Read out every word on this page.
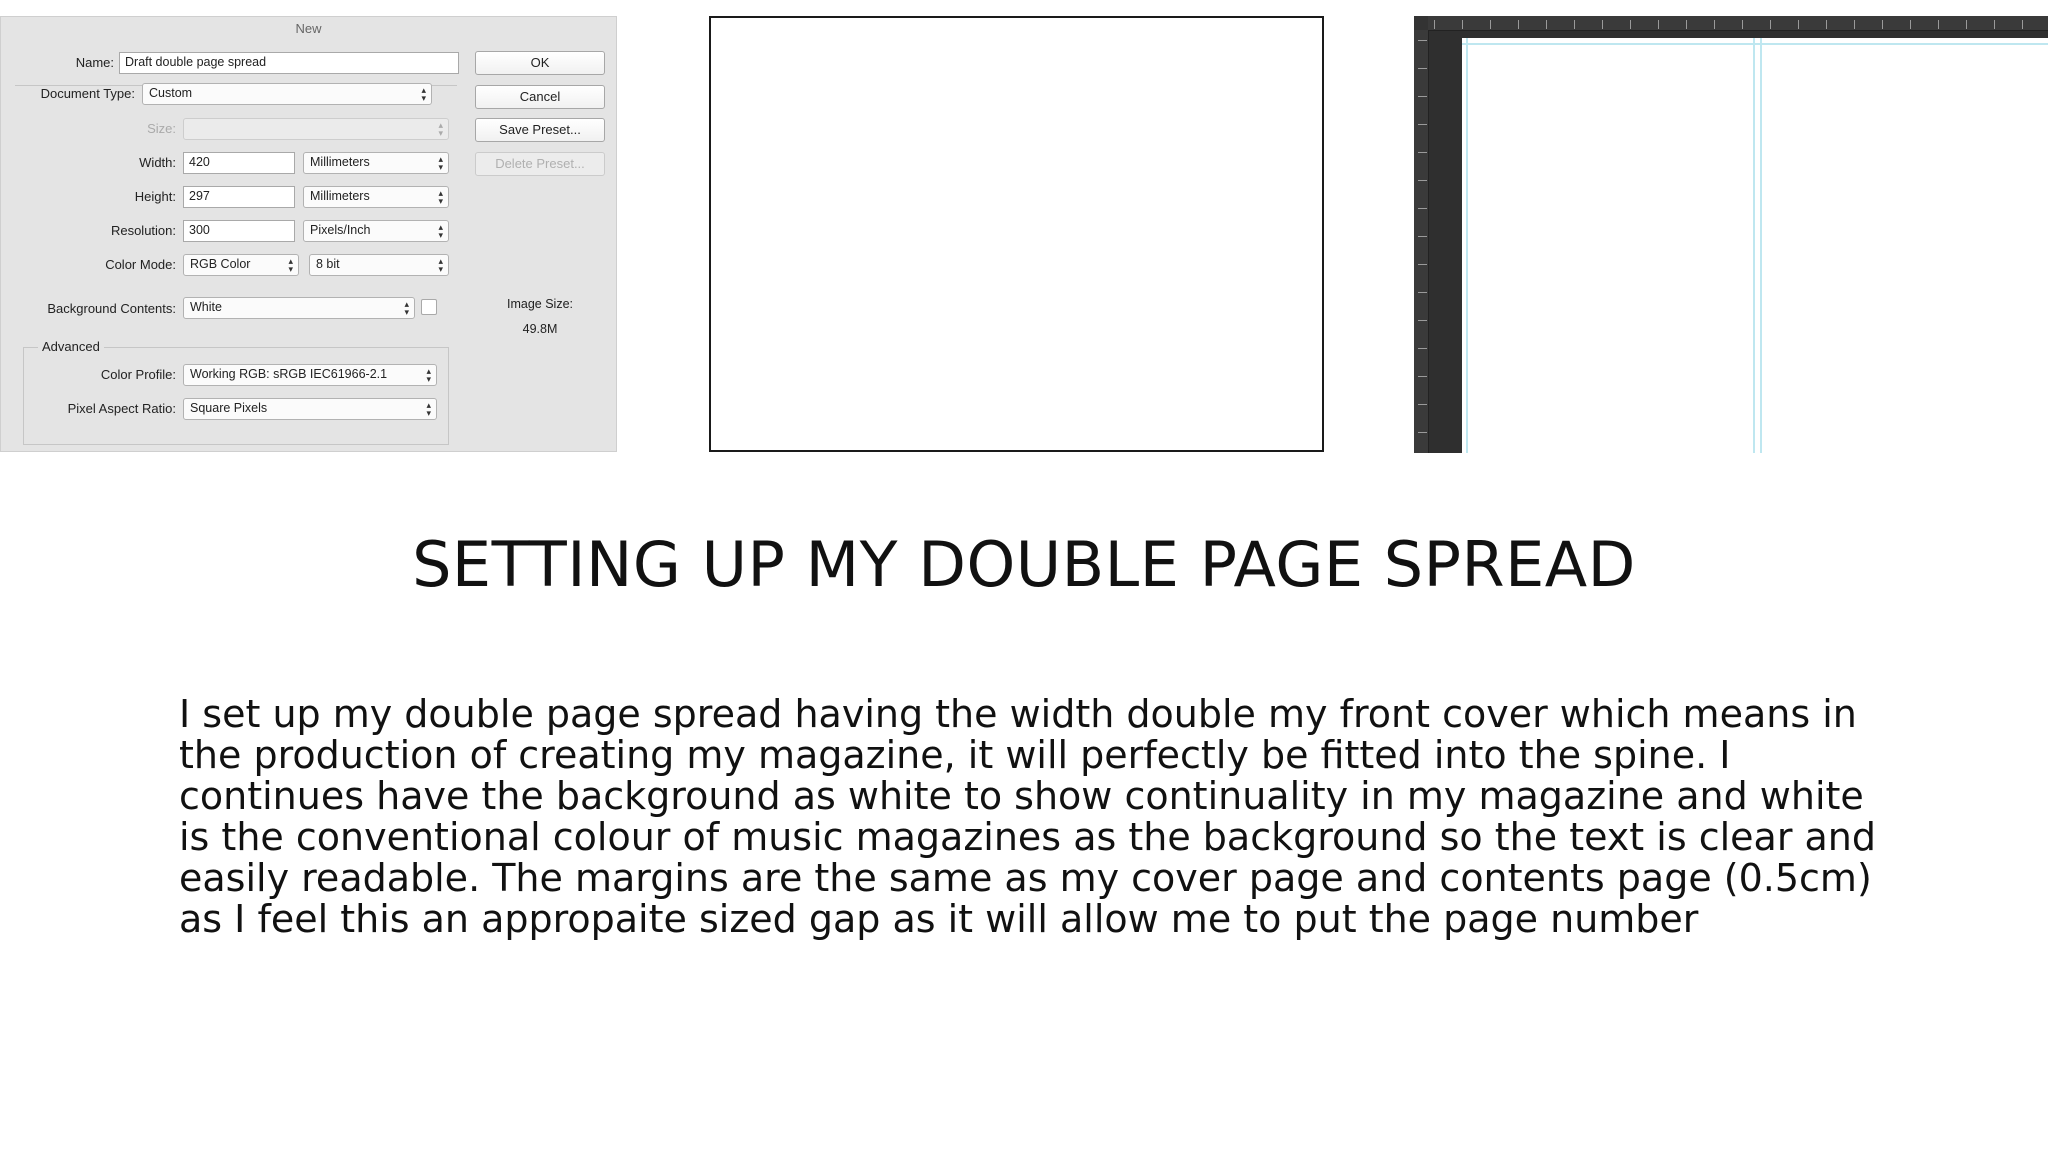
New
Name: Draft double page spread
Document Type:	Custom	▴
▾
Size:	▴
▾
Width:	420	Millimeters	▴
▾
Height:	297	Millimeters	▴
▾
Resolution:	300	Pixels/Inch	▴
▾
Color Mode:	RGB Color	▴
▾	8 bit	▴
▾
Background Contents:	White	▴
▾
Advanced
Color Profile:	Working RGB: sRGB IEC61966-2.1	▴
▾
Pixel Aspect Ratio:	Square Pixels	▴
▾
OK
Cancel
Save Preset...
Delete Preset...
Image Size:
49.8M
SETTING UP MY DOUBLE PAGE SPREAD
I set up my double page spread having the width double my front cover which means in
the production of creating my magazine, it will perfectly be fitted into the spine. I
continues have the background as white to show continuality in my magazine and white
is the conventional colour of music magazines as the background so the text is clear and
easily readable. The margins are the same as my cover page and contents page (0.5cm)
as I feel this an appropaite sized gap as it will allow me to put the page number
